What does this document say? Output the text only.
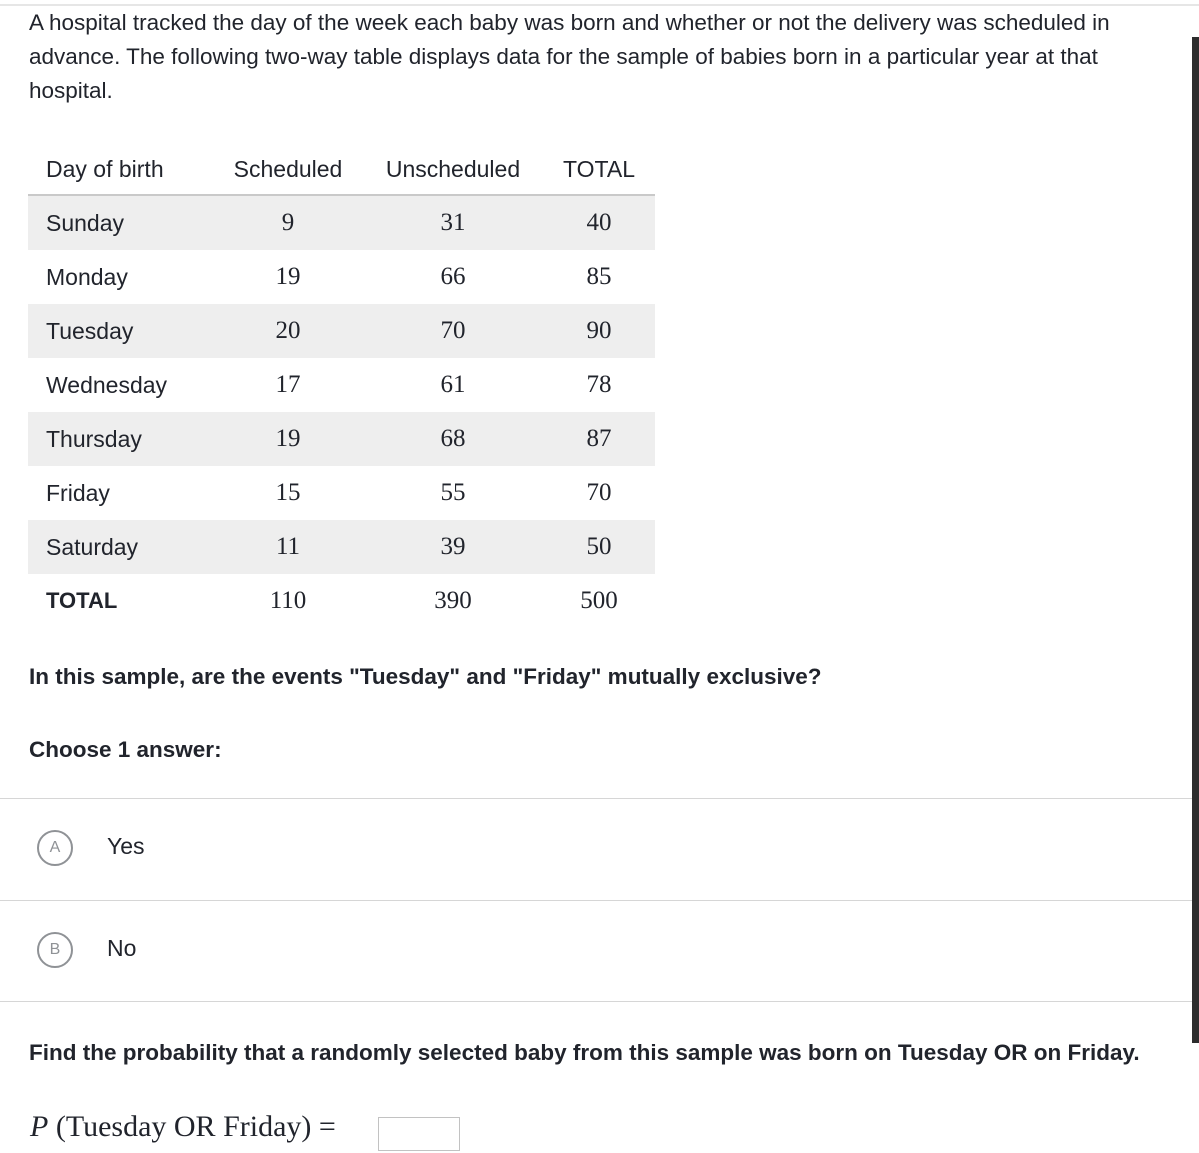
A hospital tracked the day of the week each baby was born and whether or not the delivery was scheduled in advance. The following two-way table displays data for the sample of babies born in a particular year at that hospital.

Day of birth	Scheduled	Unscheduled	TOTAL
Sunday	9	31	40
Monday	19	66	85
Tuesday	20	70	90
Wednesday	17	61	78
Thursday	19	68	87
Friday	15	55	70
Saturday	11	39	50
TOTAL	110	390	500

In this sample, are the events "Tuesday" and "Friday" mutually exclusive?

Choose 1 answer:

A	Yes
B	No

Find the probability that a randomly selected baby from this sample was born on Tuesday OR on Friday.

P (Tuesday OR Friday) =
